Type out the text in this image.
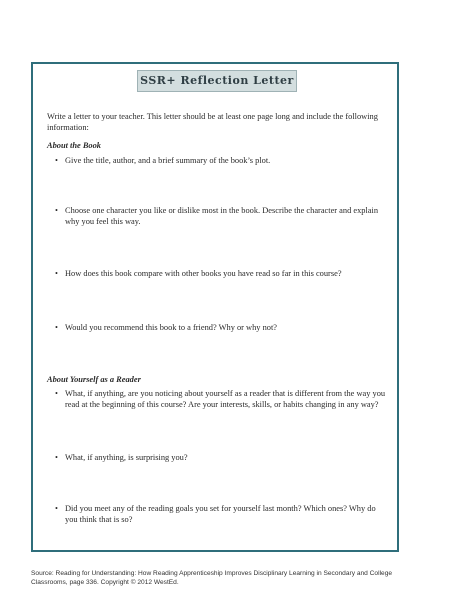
SSR+ Reflection Letter
Write a letter to your teacher. This letter should be at least one page long and include the following information:
About the Book
• Give the title, author, and a brief summary of the book’s plot.
• Choose one character you like or dislike most in the book. Describe the character and explain why you feel this way.
• How does this book compare with other books you have read so far in this course?
• Would you recommend this book to a friend? Why or why not?
About Yourself as a Reader
• What, if anything, are you noticing about yourself as a reader that is different from the way you read at the beginning of this course? Are your interests, skills, or habits changing in any way?
• What, if anything, is surprising you?
• Did you meet any of the reading goals you set for yourself last month? Which ones? Why do you think that is so?
Source: Reading for Understanding: How Reading Apprenticeship Improves Disciplinary Learning in Secondary and College Classrooms, page 336. Copyright © 2012 WestEd.
